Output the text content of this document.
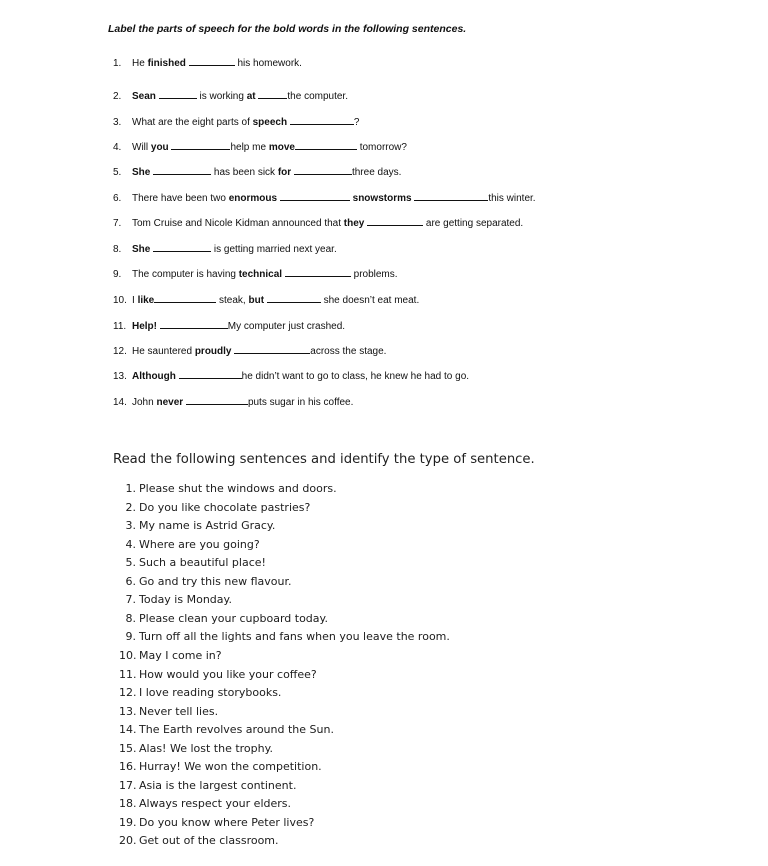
Label the parts of speech for the bold words in the following sentences.
1. He finished	his homework.
2. Sean	is working at	the computer.
3. What are the eight parts of speech	?
4. Will you	help me move	tomorrow?
5. She	has been sick for	three days.
6. There have been two enormous	snowstorms	this winter.
7. Tom Cruise and Nicole Kidman announced that they	are getting separated.
8. She	is getting married next year.
9. The computer is having technical	problems.
10. I like	steak, but	she doesn’t eat meat.
11. Help!	My computer just crashed.
12. He sauntered proudly	across the stage.
13. Although	he didn’t want to go to class, he knew he had to go.
14. John never	puts sugar in his coffee.
Read the following sentences and identify the type of sentence.
1. Please shut the windows and doors.
2. Do you like chocolate pastries?
3. My name is Astrid Gracy.
4. Where are you going?
5. Such a beautiful place!
6. Go and try this new flavour.
7. Today is Monday.
8. Please clean your cupboard today.
9. Turn off all the lights and fans when you leave the room.
10. May I come in?
11. How would you like your coffee?
12. I love reading storybooks.
13. Never tell lies.
14. The Earth revolves around the Sun.
15. Alas! We lost the trophy.
16. Hurray! We won the competition.
17. Asia is the largest continent.
18. Always respect your elders.
19. Do you know where Peter lives?
20. Get out of the classroom.
